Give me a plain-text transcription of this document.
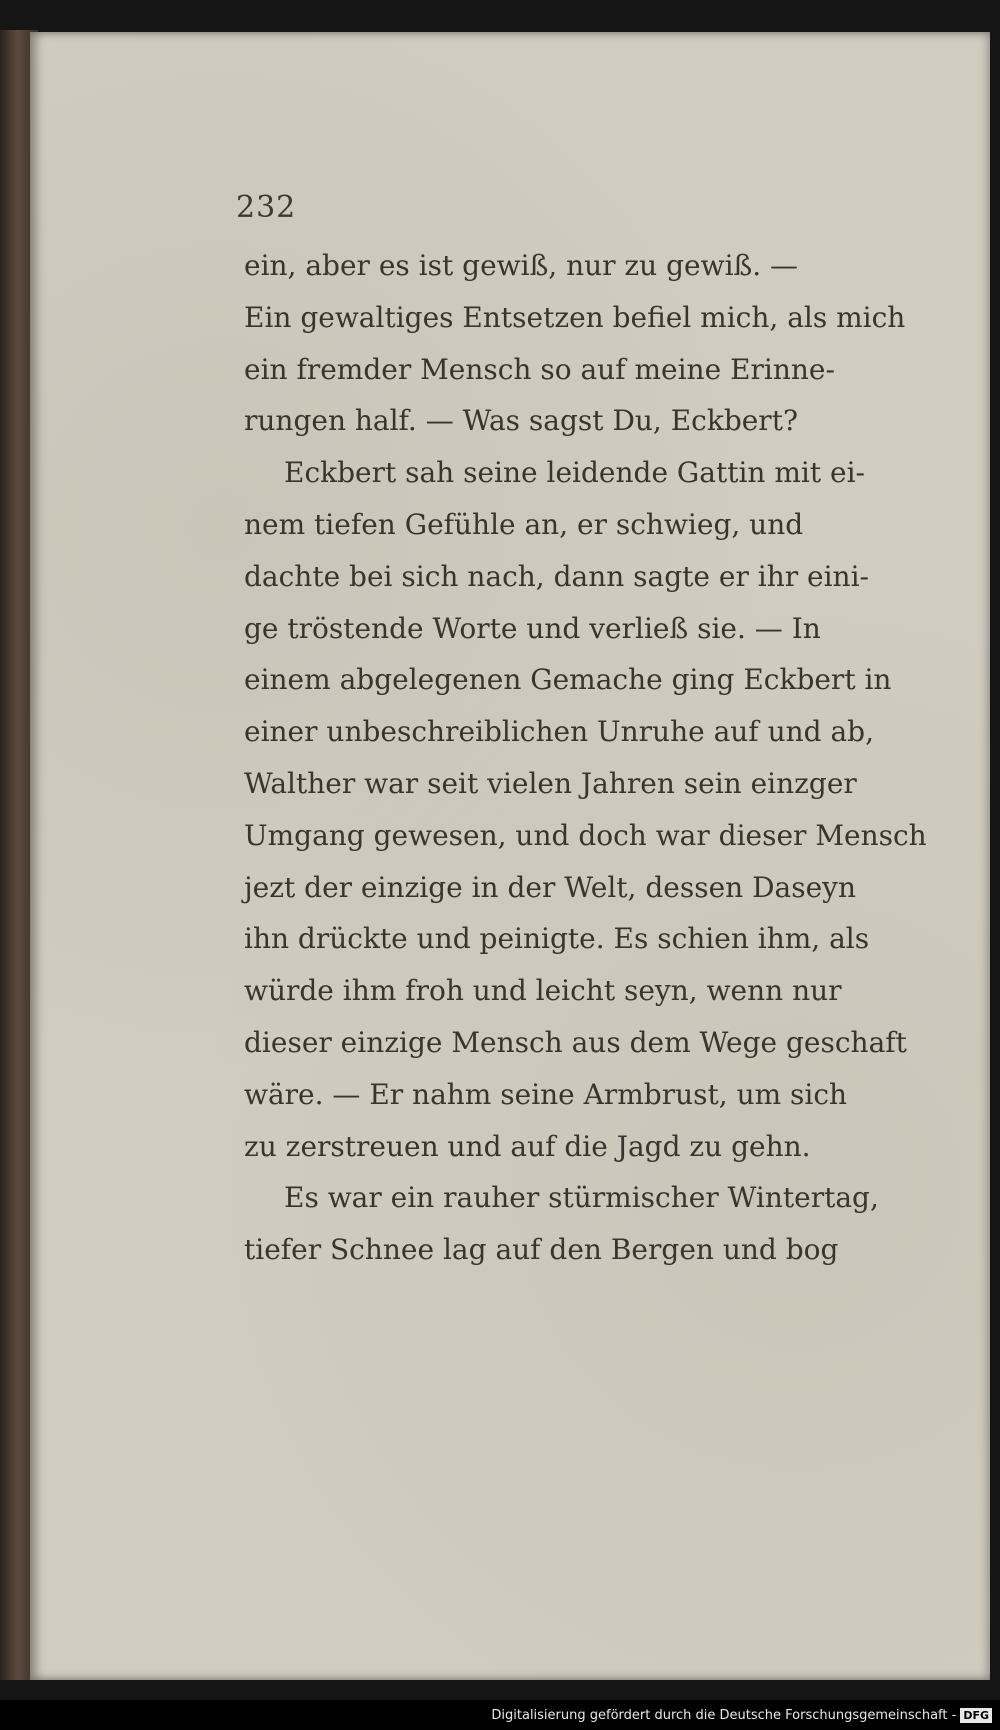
232
ein, aber es ist gewiß, nur zu gewiß. —
Ein gewaltiges Entsetzen befiel mich, als mich
ein fremder Mensch so auf meine Erinne-
rungen half. — Was sagst Du, Eckbert?
Eckbert sah seine leidende Gattin mit ei-
nem tiefen Gefühle an, er schwieg, und
dachte bei sich nach, dann sagte er ihr eini-
ge tröstende Worte und verließ sie. — In
einem abgelegenen Gemache ging Eckbert in
einer unbeschreiblichen Unruhe auf und ab,
Walther war seit vielen Jahren sein einzger
Umgang gewesen, und doch war dieser Mensch
jezt der einzige in der Welt, dessen Daseyn
ihn drückte und peinigte. Es schien ihm, als
würde ihm froh und leicht seyn, wenn nur
dieser einzige Mensch aus dem Wege geschaft
wäre. — Er nahm seine Armbrust, um sich
zu zerstreuen und auf die Jagd zu gehn.
Es war ein rauher stürmischer Wintertag,
tiefer Schnee lag auf den Bergen und bog
Digitalisierung gefördert durch die Deutsche Forschungsgemeinschaft - DFG
